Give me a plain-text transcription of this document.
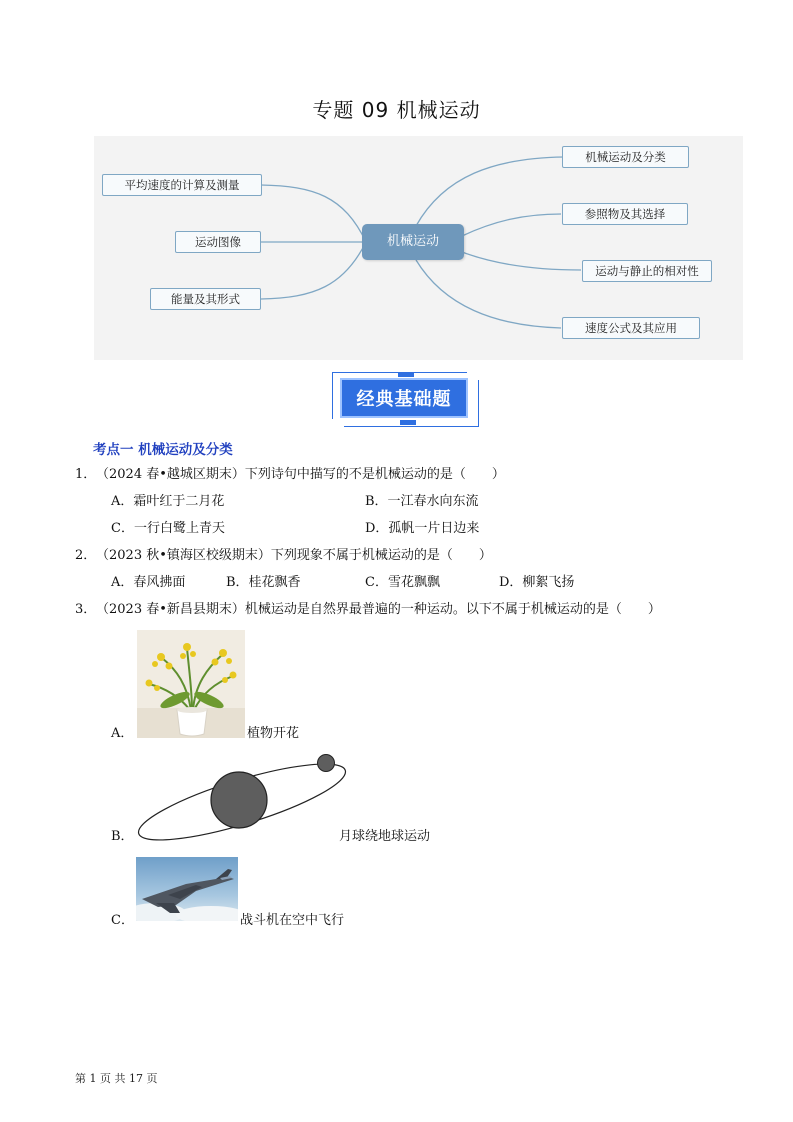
专题 09 机械运动
平均速度的计算及测量
运动图像
能量及其形式
机械运动
机械运动及分类
参照物及其选择
运动与静止的相对性
速度公式及其应用
经典基础题
考点一 机械运动及分类
1． （2024 春•越城区期末）下列诗句中描写的不是机械运动的是（　　）
A．霜叶红于二月花	B．一江春水向东流
C．一行白鹭上青天	D．孤帆一片日边来
2． （2023 秋•镇海区校级期末）下列现象不属于机械运动的是（　　）
A．春风拂面	B．桂花飘香	C．雪花飘飘	D．柳絮飞扬
3． （2023 春•新昌县期末）机械运动是自然界最普遍的一种运动。以下不属于机械运动的是（　　）
A．	植物开花
B．	月球绕地球运动
C．	战斗机在空中飞行
第 1 页 共 17 页
